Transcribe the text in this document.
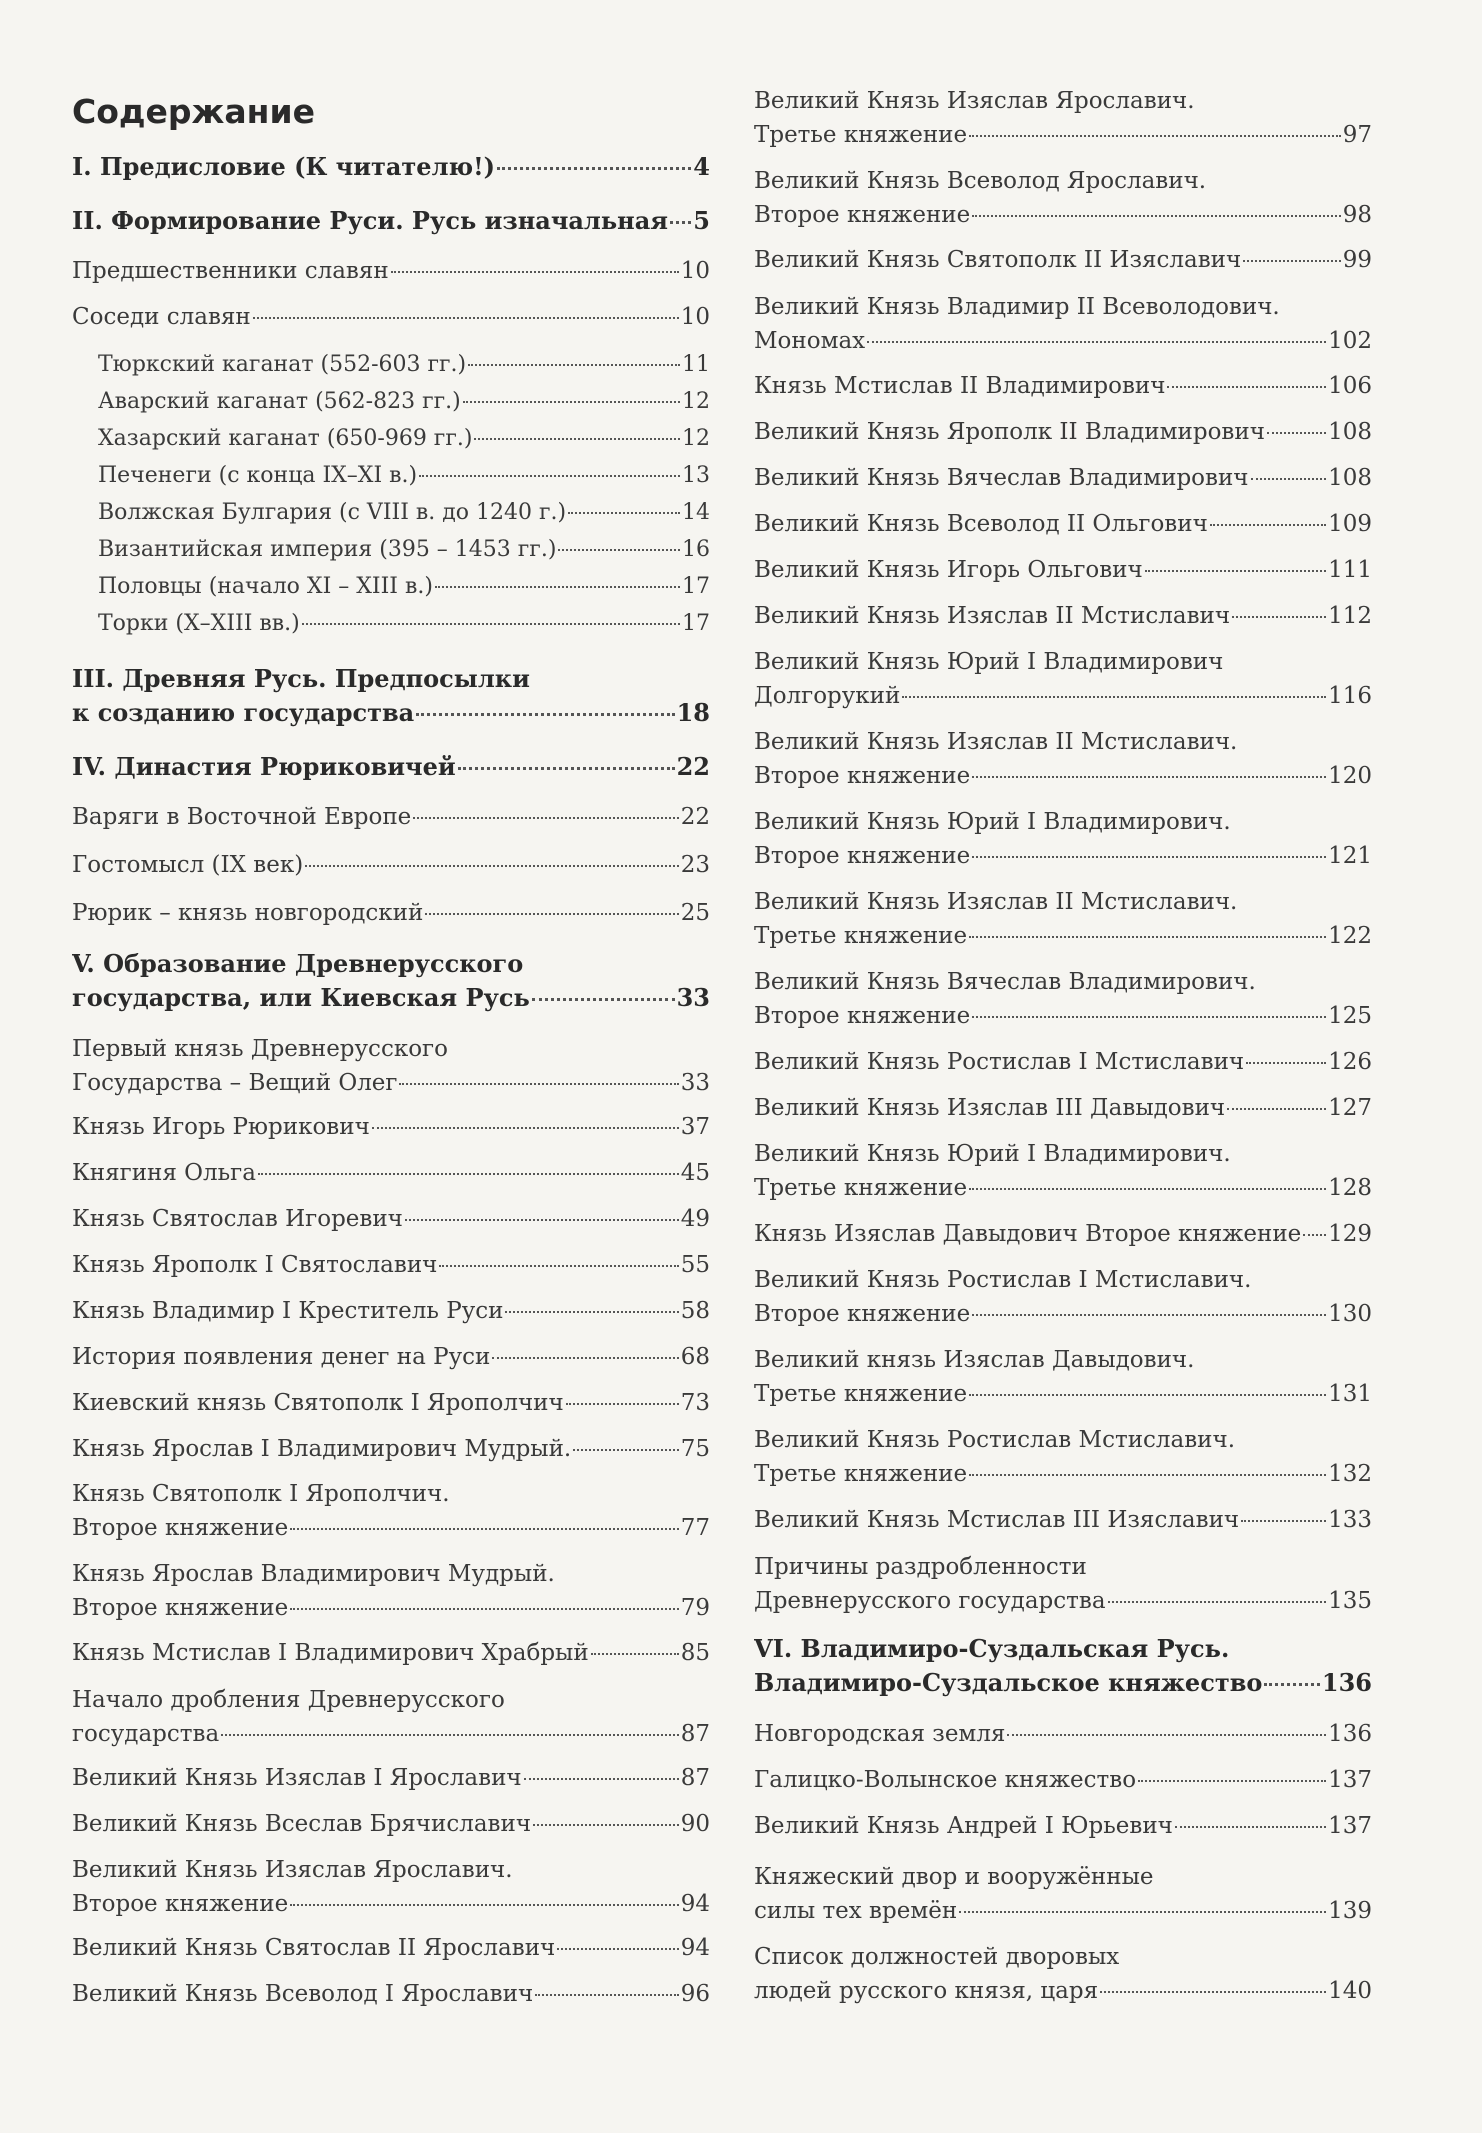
Содержание
I. Предисловие (К читателю!)	4
II. Формирование Руси. Русь изначальная 5
Предшественники славян	10
Соседи славян	10
Тюркский каганат (552-603 гг.)	11
Аварский каганат (562-823 гг.)	12
Хазарский каганат (650-969 гг.)	12
Печенеги (с конца IX–XI в.)	13
Волжская Булгария (с VIII в. до 1240 г.)	14
Византийская империя (395 – 1453 гг.)	16
Половцы (начало XI – XIII в.)	17
Торки (X–XIII вв.)	17
III. Древняя Русь. Предпосылки
к созданию государства	18
IV. Династия Рюриковичей	22
Варяги в Восточной Европе	22
Гостомысл (IX век)	23
Рюрик – князь новгородский	25
V. Образование Древнерусского
государства, или Киевская Русь	33
Первый князь Древнерусского
Государства – Вещий Олег	33
Князь Игорь Рюрикович	37
Княгиня Ольга	45
Князь Святослав Игоревич	49
Князь Ярополк I Святославич	55
Князь Владимир I Креститель Руси	58
История появления денег на Руси	68
Киевский князь Святополк I Ярополчич	73
Князь Ярослав I Владимирович Мудрый.	75
Князь Святополк I Ярополчич.
Второе княжение	77
Князь Ярослав Владимирович Мудрый.
Второе княжение	79
Князь Мстислав I Владимирович Храбрый	85
Начало дробления Древнерусского
государства	87
Великий Князь Изяслав I Ярославич	87
Великий Князь Всеслав Брячиславич	90
Великий Князь Изяслав Ярославич.
Второе княжение	94
Великий Князь Святослав II Ярославич	94
Великий Князь Всеволод I Ярославич	96
Великий Князь Изяслав Ярославич.
Третье княжение	97
Великий Князь Всеволод Ярославич.
Второе княжение	98
Великий Князь Святополк II Изяславич	99
Великий Князь Владимир II Всеволодович.
Мономах	102
Князь Мстислав II Владимирович	106
Великий Князь Ярополк II Владимирович	108
Великий Князь Вячеслав Владимирович	108
Великий Князь Всеволод II Ольгович	109
Великий Князь Игорь Ольгович	111
Великий Князь Изяслав II Мстиславич	112
Великий Князь Юрий I Владимирович
Долгорукий	116
Великий Князь Изяслав II Мстиславич.
Второе княжение	120
Великий Князь Юрий I Владимирович.
Второе княжение	121
Великий Князь Изяслав II Мстиславич.
Третье княжение	122
Великий Князь Вячеслав Владимирович.
Второе княжение	125
Великий Князь Ростислав I Мстиславич	126
Великий Князь Изяслав III Давыдович	127
Великий Князь Юрий I Владимирович.
Третье княжение	128
Князь Изяслав Давыдович Второе княжение 129
Великий Князь Ростислав I Мстиславич.
Второе княжение	130
Великий князь Изяслав Давыдович.
Третье княжение	131
Великий Князь Ростислав Мстиславич.
Третье княжение	132
Великий Князь Мстислав III Изяславич	133
Причины раздробленности
Древнерусского государства	135
VI. Владимиро-Суздальская Русь.
Владимиро-Суздальское княжество 136
Новгородская земля	136
Галицко-Волынское княжество	137
Великий Князь Андрей I Юрьевич	137
Княжеский двор и вооружённые
силы тех времён	139
Список должностей дворовых
людей русского князя, царя	140
